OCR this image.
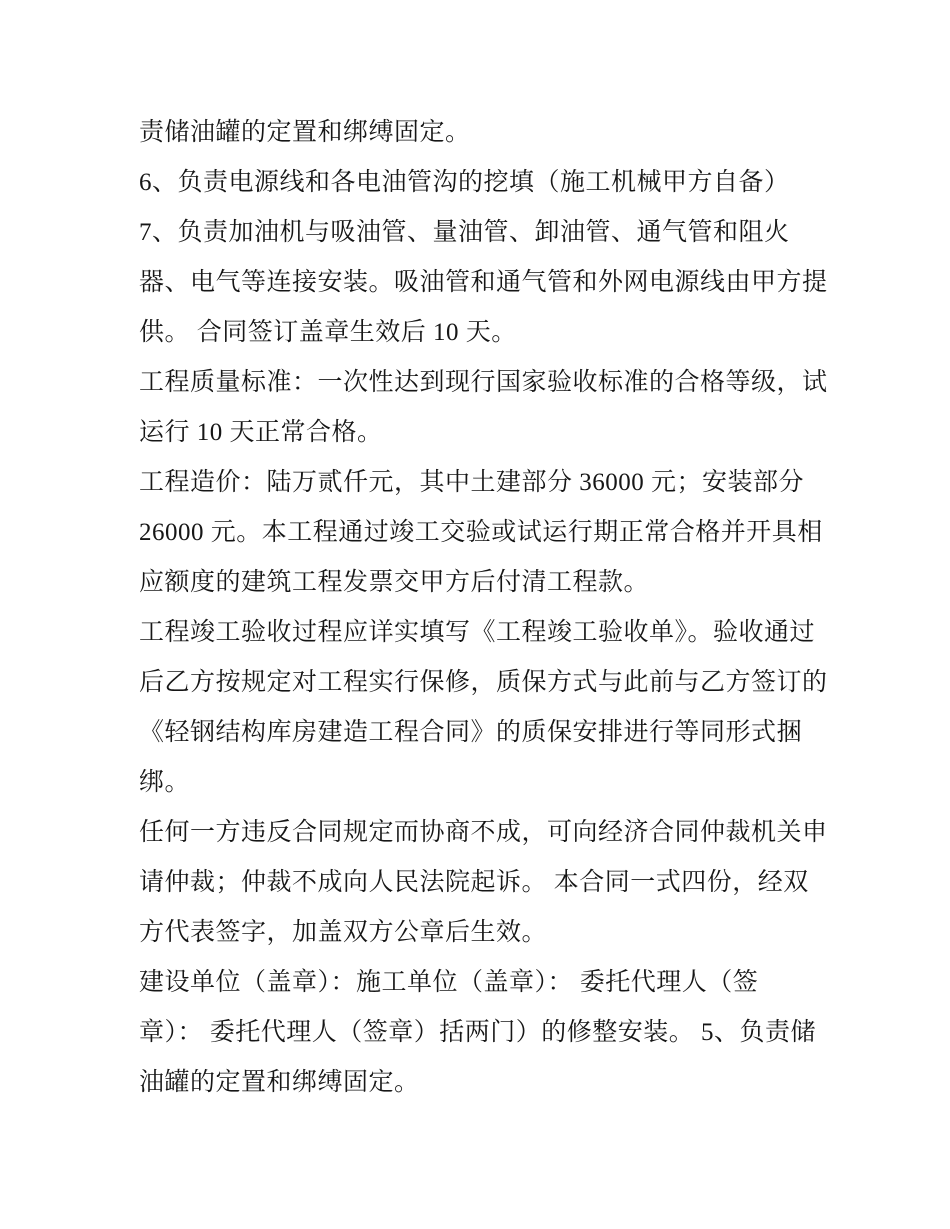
责储油罐的定置和绑缚固定。
6、负责电源线和各电油管沟的挖填（施工机械甲方自备）
7、负责加油机与吸油管、量油管、卸油管、通气管和阻火
器、电气等连接安装。吸油管和通气管和外网电源线由甲方提
供。 合同签订盖章生效后 10 天。
工程质量标准：一次性达到现行国家验收标准的合格等级，试
运行 10 天正常合格。
工程造价：陆万贰仟元，其中土建部分 36000 元；安装部分
26000 元。本工程通过竣工交验或试运行期正常合格并开具相
应额度的建筑工程发票交甲方后付清工程款。
工程竣工验收过程应详实填写《工程竣工验收单》。验收通过
后乙方按规定对工程实行保修，质保方式与此前与乙方签订的
《轻钢结构库房建造工程合同》的质保安排进行等同形式捆
绑。
任何一方违反合同规定而协商不成，可向经济合同仲裁机关申
请仲裁；仲裁不成向人民法院起诉。 本合同一式四份，经双
方代表签字，加盖双方公章后生效。
建设单位（盖章）：施工单位（盖章）： 委托代理人（签
章）： 委托代理人（签章）括两门）的修整安装。 5、负责储
油罐的定置和绑缚固定。
